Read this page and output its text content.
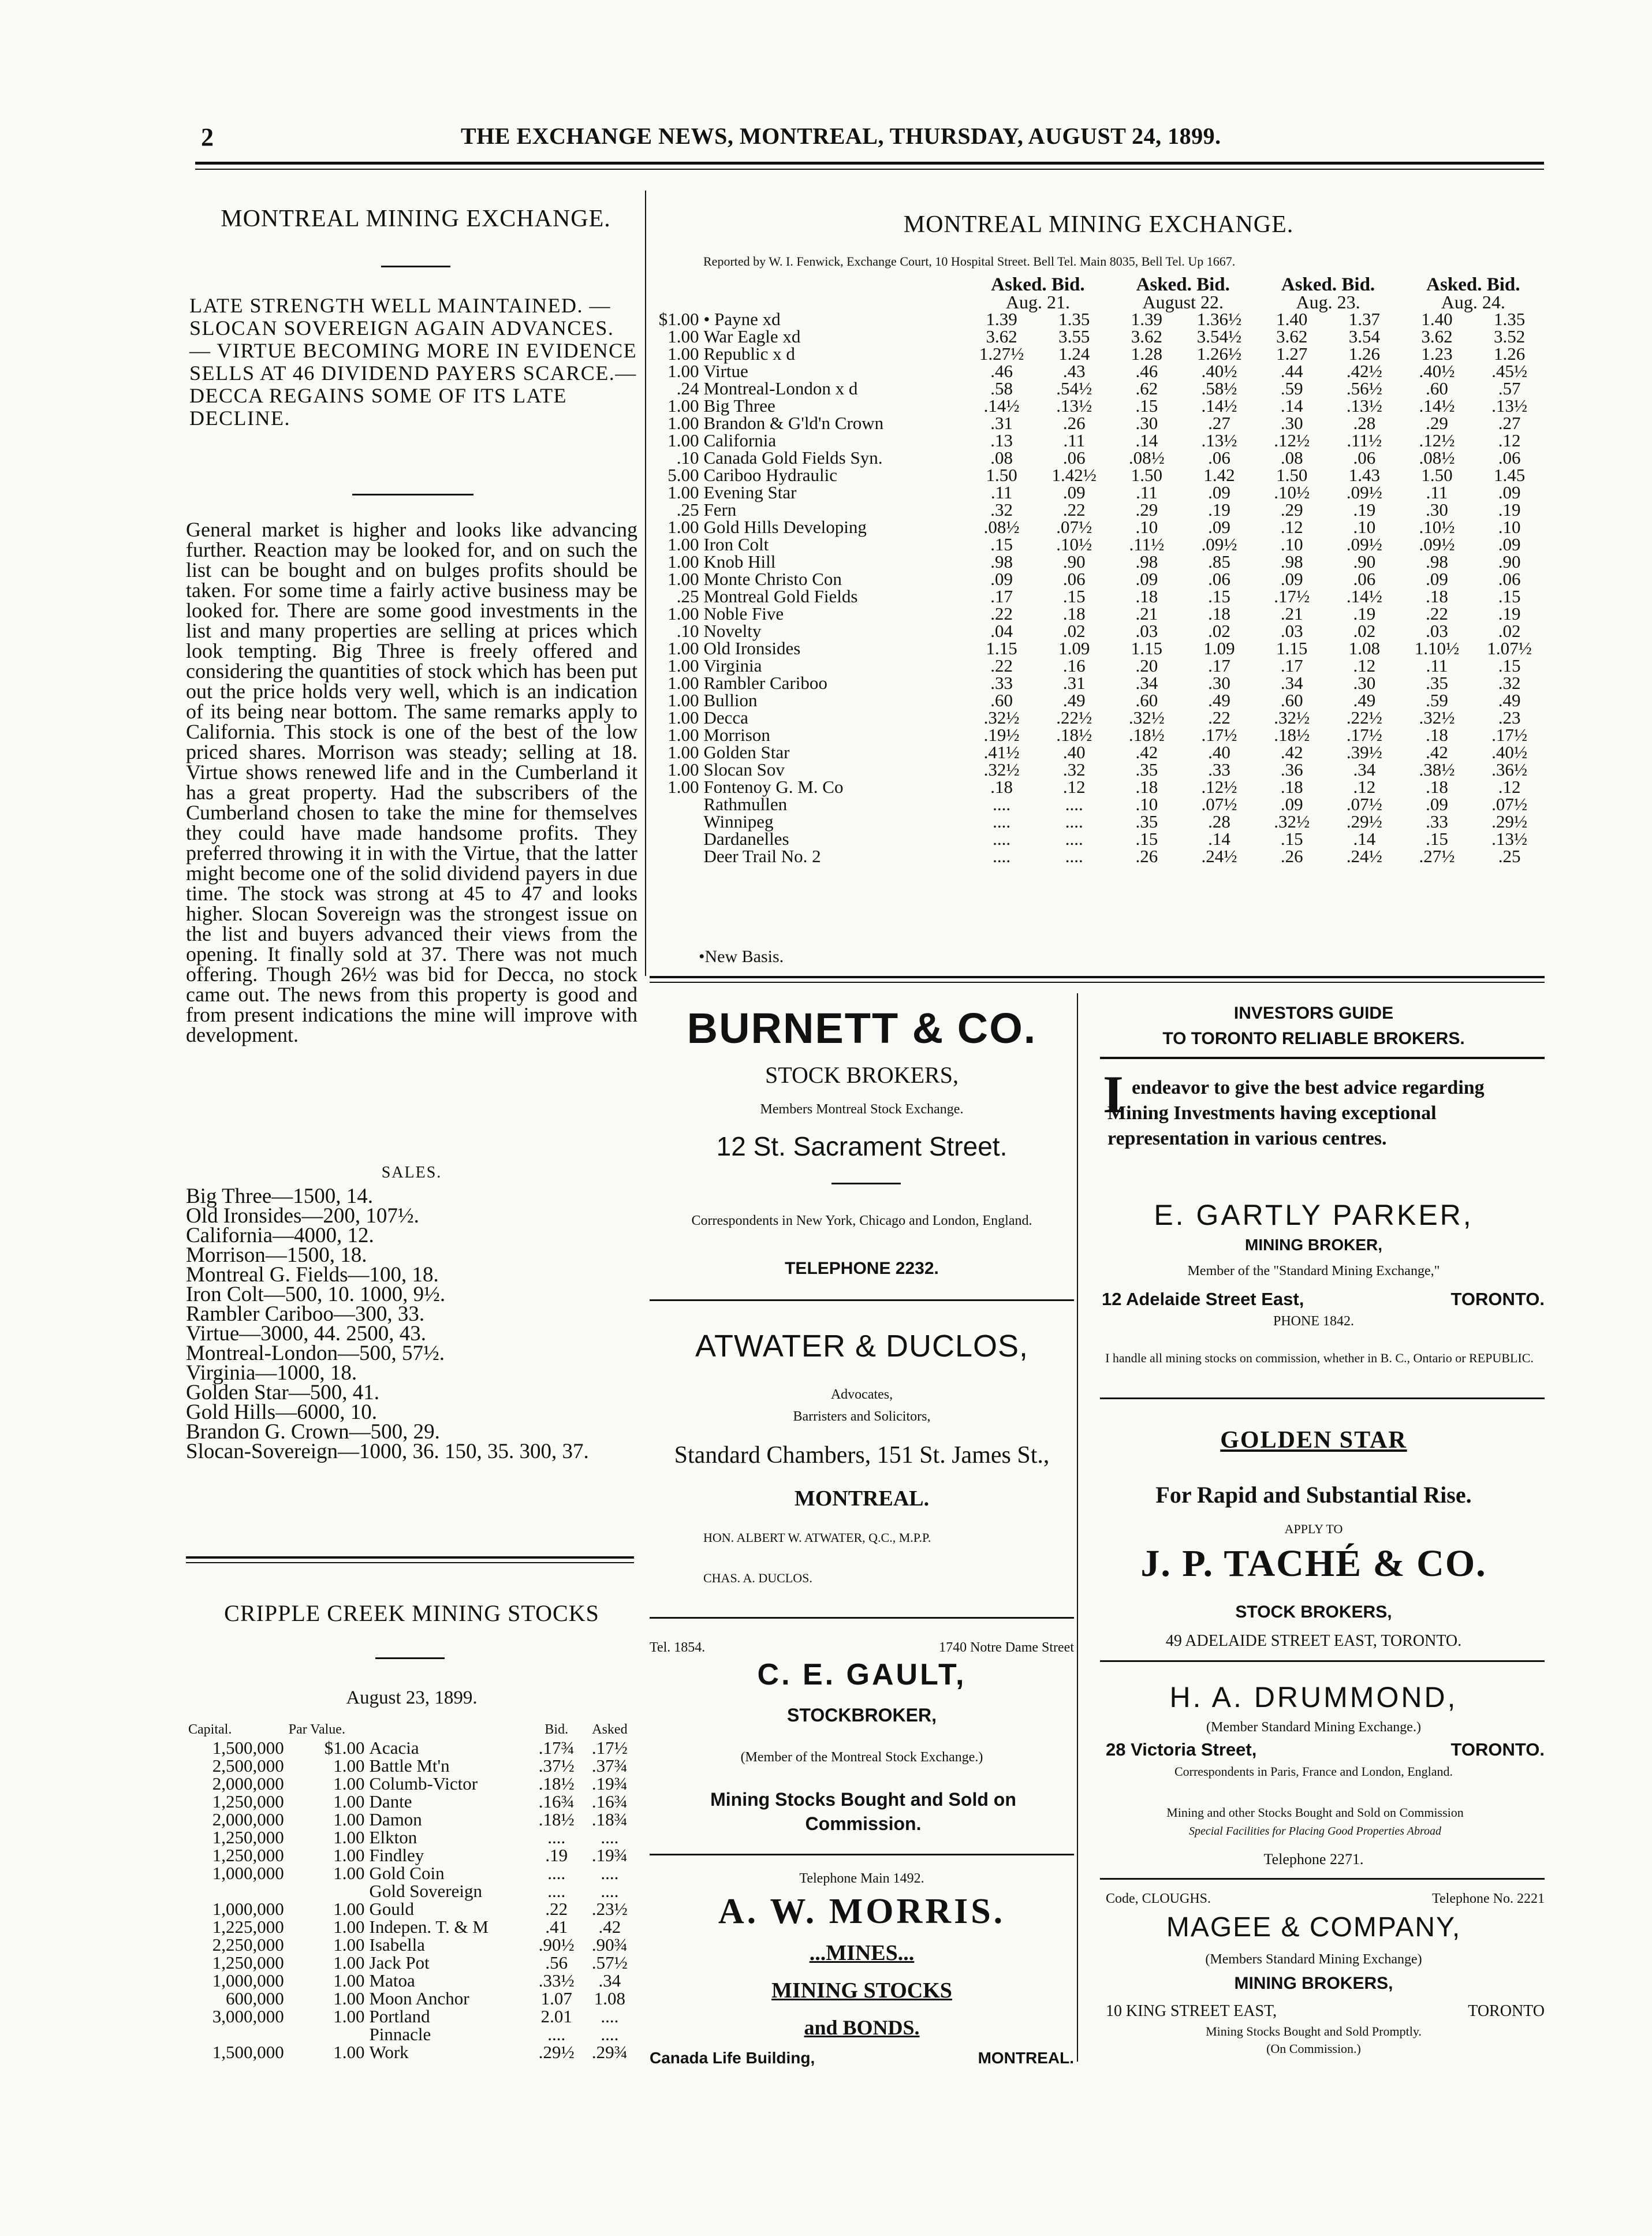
2	THE EXCHANGE NEWS, MONTREAL, THURSDAY, AUGUST 24, 1899.
MONTREAL MINING EXCHANGE.
LATE STRENGTH WELL MAINTAINED. —SLOCAN SOVEREIGN AGAIN ADVANCES. — VIRTUE BECOMING MORE IN EVIDENCE SELLS AT 46 DIVIDEND PAYERS SCARCE.— DECCA REGAINS SOME OF ITS LATE DECLINE.
General market is higher and looks like advancing further. Reaction may be looked for, and on such the list can be bought and on bulges profits should be taken. For some time a fairly active business may be looked for. There are some good investments in the list and many properties are selling at prices which look tempting. Big Three is freely offered and considering the quantities of stock which has been put out the price holds very well, which is an indication of its being near bottom. The same remarks apply to California. This stock is one of the best of the low priced shares. Morrison was steady; selling at 18. Virtue shows renewed life and in the Cumberland it has a great property. Had the subscribers of the Cumberland chosen to take the mine for themselves they could have made handsome profits. They preferred throwing it in with the Virtue, that the latter might become one of the solid dividend payers in due time. The stock was strong at 45 to 47 and looks higher. Slocan Sovereign was the strongest issue on the list and buyers advanced their views from the opening. It finally sold at 37. There was not much offering. Though 26½ was bid for Decca, no stock came out. The news from this property is good and from present indications the mine will improve with development.
SALES.
Big Three—1500, 14.
Old Ironsides—200, 107½.
California—4000, 12.
Morrison—1500, 18.
Montreal G. Fields—100, 18.
Iron Colt—500, 10. 1000, 9½.
Rambler Cariboo—300, 33.
Virtue—3000, 44. 2500, 43.
Montreal-London—500, 57½.
Virginia—1000, 18.
Golden Star—500, 41.
Gold Hills—6000, 10.
Brandon G. Crown—500, 29.
Slocan-Sovereign—1000, 36. 150, 35. 300, 37.
CRIPPLE CREEK MINING STOCKS
August 23, 1899.
Capital.	Par Value.		Bid.	Asked
1,500,000	$1.00	Acacia	.17¾	.17½
2,500,000	1.00	Battle Mt'n	.37½	.37¾
2,000,000	1.00	Columb-Victor	.18½	.19¾
1,250,000	1.00	Dante	.16¾	.16¾
2,000,000	1.00	Damon	.18½	.18¾
1,250,000	1.00	Elkton	....	....
1,250,000	1.00	Findley	.19	.19¾
1,000,000	1.00	Gold Coin	....	....
		Gold Sovereign	....	....
1,000,000	1.00	Gould	.22	.23½
1,225,000	1.00	Indepen. T. & M	.41	.42
2,250,000	1.00	Isabella	.90½	.90¾
1,250,000	1.00	Jack Pot	.56	.57½
1,000,000	1.00	Matoa	.33½	.34
600,000	1.00	Moon Anchor	1.07	1.08
3,000,000	1.00	Portland	2.01	....
		Pinnacle	....	....
1,500,000	1.00	Work	.29½	.29¾
MONTREAL MINING EXCHANGE.
Reported by W. I. Fenwick, Exchange Court, 10 Hospital Street. Bell Tel. Main 8035, Bell Tel. Up 1667.
		Asked. Bid.		Asked. Bid.		Asked. Bid.		Asked. Bid.	
		Aug. 21.		August 22.		Aug. 23.		Aug. 24.	
$1.00	• Payne xd	1.39	1.35	1.39	1.36½	1.40	1.37	1.40	1.35
1.00	War Eagle xd	3.62	3.55	3.62	3.54½	3.62	3.54	3.62	3.52
1.00	Republic x d	1.27½	1.24	1.28	1.26½	1.27	1.26	1.23	1.26
1.00	Virtue	.46	.43	.46	.40½	.44	.42½	.40½	.45½
.24	Montreal-London x d	.58	.54½	.62	.58½	.59	.56½	.60	.57
1.00	Big Three	.14½	.13½	.15	.14½	.14	.13½	.14½	.13½
1.00	Brandon & G'ld'n Crown	.31	.26	.30	.27	.30	.28	.29	.27
1.00	California	.13	.11	.14	.13½	.12½	.11½	.12½	.12
.10	Canada Gold Fields Syn.	.08	.06	.08½	.06	.08	.06	.08½	.06
5.00	Cariboo Hydraulic	1.50	1.42½	1.50	1.42	1.50	1.43	1.50	1.45
1.00	Evening Star	.11	.09	.11	.09	.10½	.09½	.11	.09
.25	Fern	.32	.22	.29	.19	.29	.19	.30	.19
1.00	Gold Hills Developing	.08½	.07½	.10	.09	.12	.10	.10½	.10
1.00	Iron Colt	.15	.10½	.11½	.09½	.10	.09½	.09½	.09
1.00	Knob Hill	.98	.90	.98	.85	.98	.90	.98	.90
1.00	Monte Christo Con	.09	.06	.09	.06	.09	.06	.09	.06
.25	Montreal Gold Fields	.17	.15	.18	.15	.17½	.14½	.18	.15
1.00	Noble Five	.22	.18	.21	.18	.21	.19	.22	.19
.10	Novelty	.04	.02	.03	.02	.03	.02	.03	.02
1.00	Old Ironsides	1.15	1.09	1.15	1.09	1.15	1.08	1.10½	1.07½
1.00	Virginia	.22	.16	.20	.17	.17	.12	.11	.15
1.00	Rambler Cariboo	.33	.31	.34	.30	.34	.30	.35	.32
1.00	Bullion	.60	.49	.60	.49	.60	.49	.59	.49
1.00	Decca	.32½	.22½	.32½	.22	.32½	.22½	.32½	.23
1.00	Morrison	.19½	.18½	.18½	.17½	.18½	.17½	.18	.17½
1.00	Golden Star	.41½	.40	.42	.40	.42	.39½	.42	.40½
1.00	Slocan Sov	.32½	.32	.35	.33	.36	.34	.38½	.36½
1.00	Fontenoy G. M. Co	.18	.12	.18	.12½	.18	.12	.18	.12
	Rathmullen	....	....	.10	.07½	.09	.07½	.09	.07½
	Winnipeg	....	....	.35	.28	.32½	.29½	.33	.29½
	Dardanelles	....	....	.15	.14	.15	.14	.15	.13½
	Deer Trail No. 2	....	....	.26	.24½	.26	.24½	.27½	.25
•New Basis.
BURNETT & CO.
STOCK BROKERS,
Members Montreal Stock Exchange.
12 St. Sacrament Street.
Correspondents in New York, Chicago and London, England.
TELEPHONE 2232.
ATWATER & DUCLOS,
Advocates,
Barristers and Solicitors,
Standard Chambers, 151 St. James St.,
MONTREAL.
HON. ALBERT W. ATWATER, Q.C., M.P.P.
CHAS. A. DUCLOS.
Tel. 1854.	1740 Notre Dame Street
C. E. GAULT,
STOCKBROKER,
(Member of the Montreal Stock Exchange.)
Mining Stocks Bought and Sold on Commission.
Telephone Main 1492.
A. W. MORRIS.
...MINES...
MINING STOCKS
and BONDS.
Canada Life Building,	MONTREAL.
INVESTORS GUIDE
TO TORONTO RELIABLE BROKERS.
I endeavor to give the best advice regarding Mining Investments having exceptional representation in various centres.
E. GARTLY PARKER,
MINING BROKER,
Member of the "Standard Mining Exchange,"
12 Adelaide Street East,	TORONTO.
PHONE 1842.
I handle all mining stocks on commission, whether in B. C., Ontario or REPUBLIC.
GOLDEN STAR
For Rapid and Substantial Rise.
APPLY TO
J. P. TACHÉ & CO.
STOCK BROKERS,
49 ADELAIDE STREET EAST, TORONTO.
H. A. DRUMMOND,
(Member Standard Mining Exchange.)
28 Victoria Street,	TORONTO.
Correspondents in Paris, France and London, England.
Mining and other Stocks Bought and Sold on Commission
Special Facilities for Placing Good Properties Abroad
Telephone 2271.
Code, CLOUGHS.	Telephone No. 2221
MAGEE & COMPANY,
(Members Standard Mining Exchange)
MINING BROKERS,
10 KING STREET EAST,	TORONTO
Mining Stocks Bought and Sold Promptly.
(On Commission.)
